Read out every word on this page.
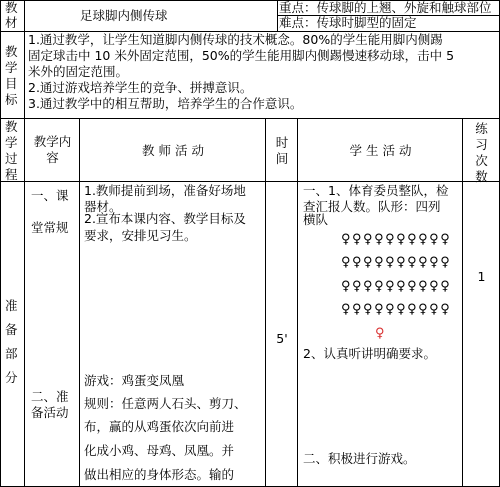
教
材	足球脚内侧传球
重点：传球脚的上翘、外旋和触球部位
难点：传球时脚型的固定
教
学
目
标
1.通过教学，让学生知道脚内侧传球的技术概念。80%的学生能用脚内侧踢
固定球击中 10 米外固定范围，50%的学生能用脚内侧踢慢速移动球，击中 5
米外的固定范围。
2.通过游戏培养学生的竞争、拼搏意识。
3.通过教学中的相互帮助，培养学生的合作意识。
教
学
过
程
教学内
容	教 师 活 动
时
间
学 生 活 动
练
习
次
数
准
备
部
分
一、课
堂常规
二、准
备活动
1.教师提前到场，准备好场地
器材。
2.宣布本课内容、教学目标及
要求，安排见习生。
游戏：鸡蛋变凤凰
规则：任意两人石头、剪刀、
布，赢的从鸡蛋依次向前进
化成小鸡、母鸡、凤凰。并
做出相应的身体形态。输的
5'
一、1、体育委员整队，检
查汇报人数。队形：四列
横队
♀♀♀♀♀♀♀♀♀♀
♀♀♀♀♀♀♀♀♀♀
♀♀♀♀♀♀♀♀♀♀
♀♀♀♀♀♀♀♀♀♀
♀
2、认真听讲明确要求。
二、积极进行游戏。
1
